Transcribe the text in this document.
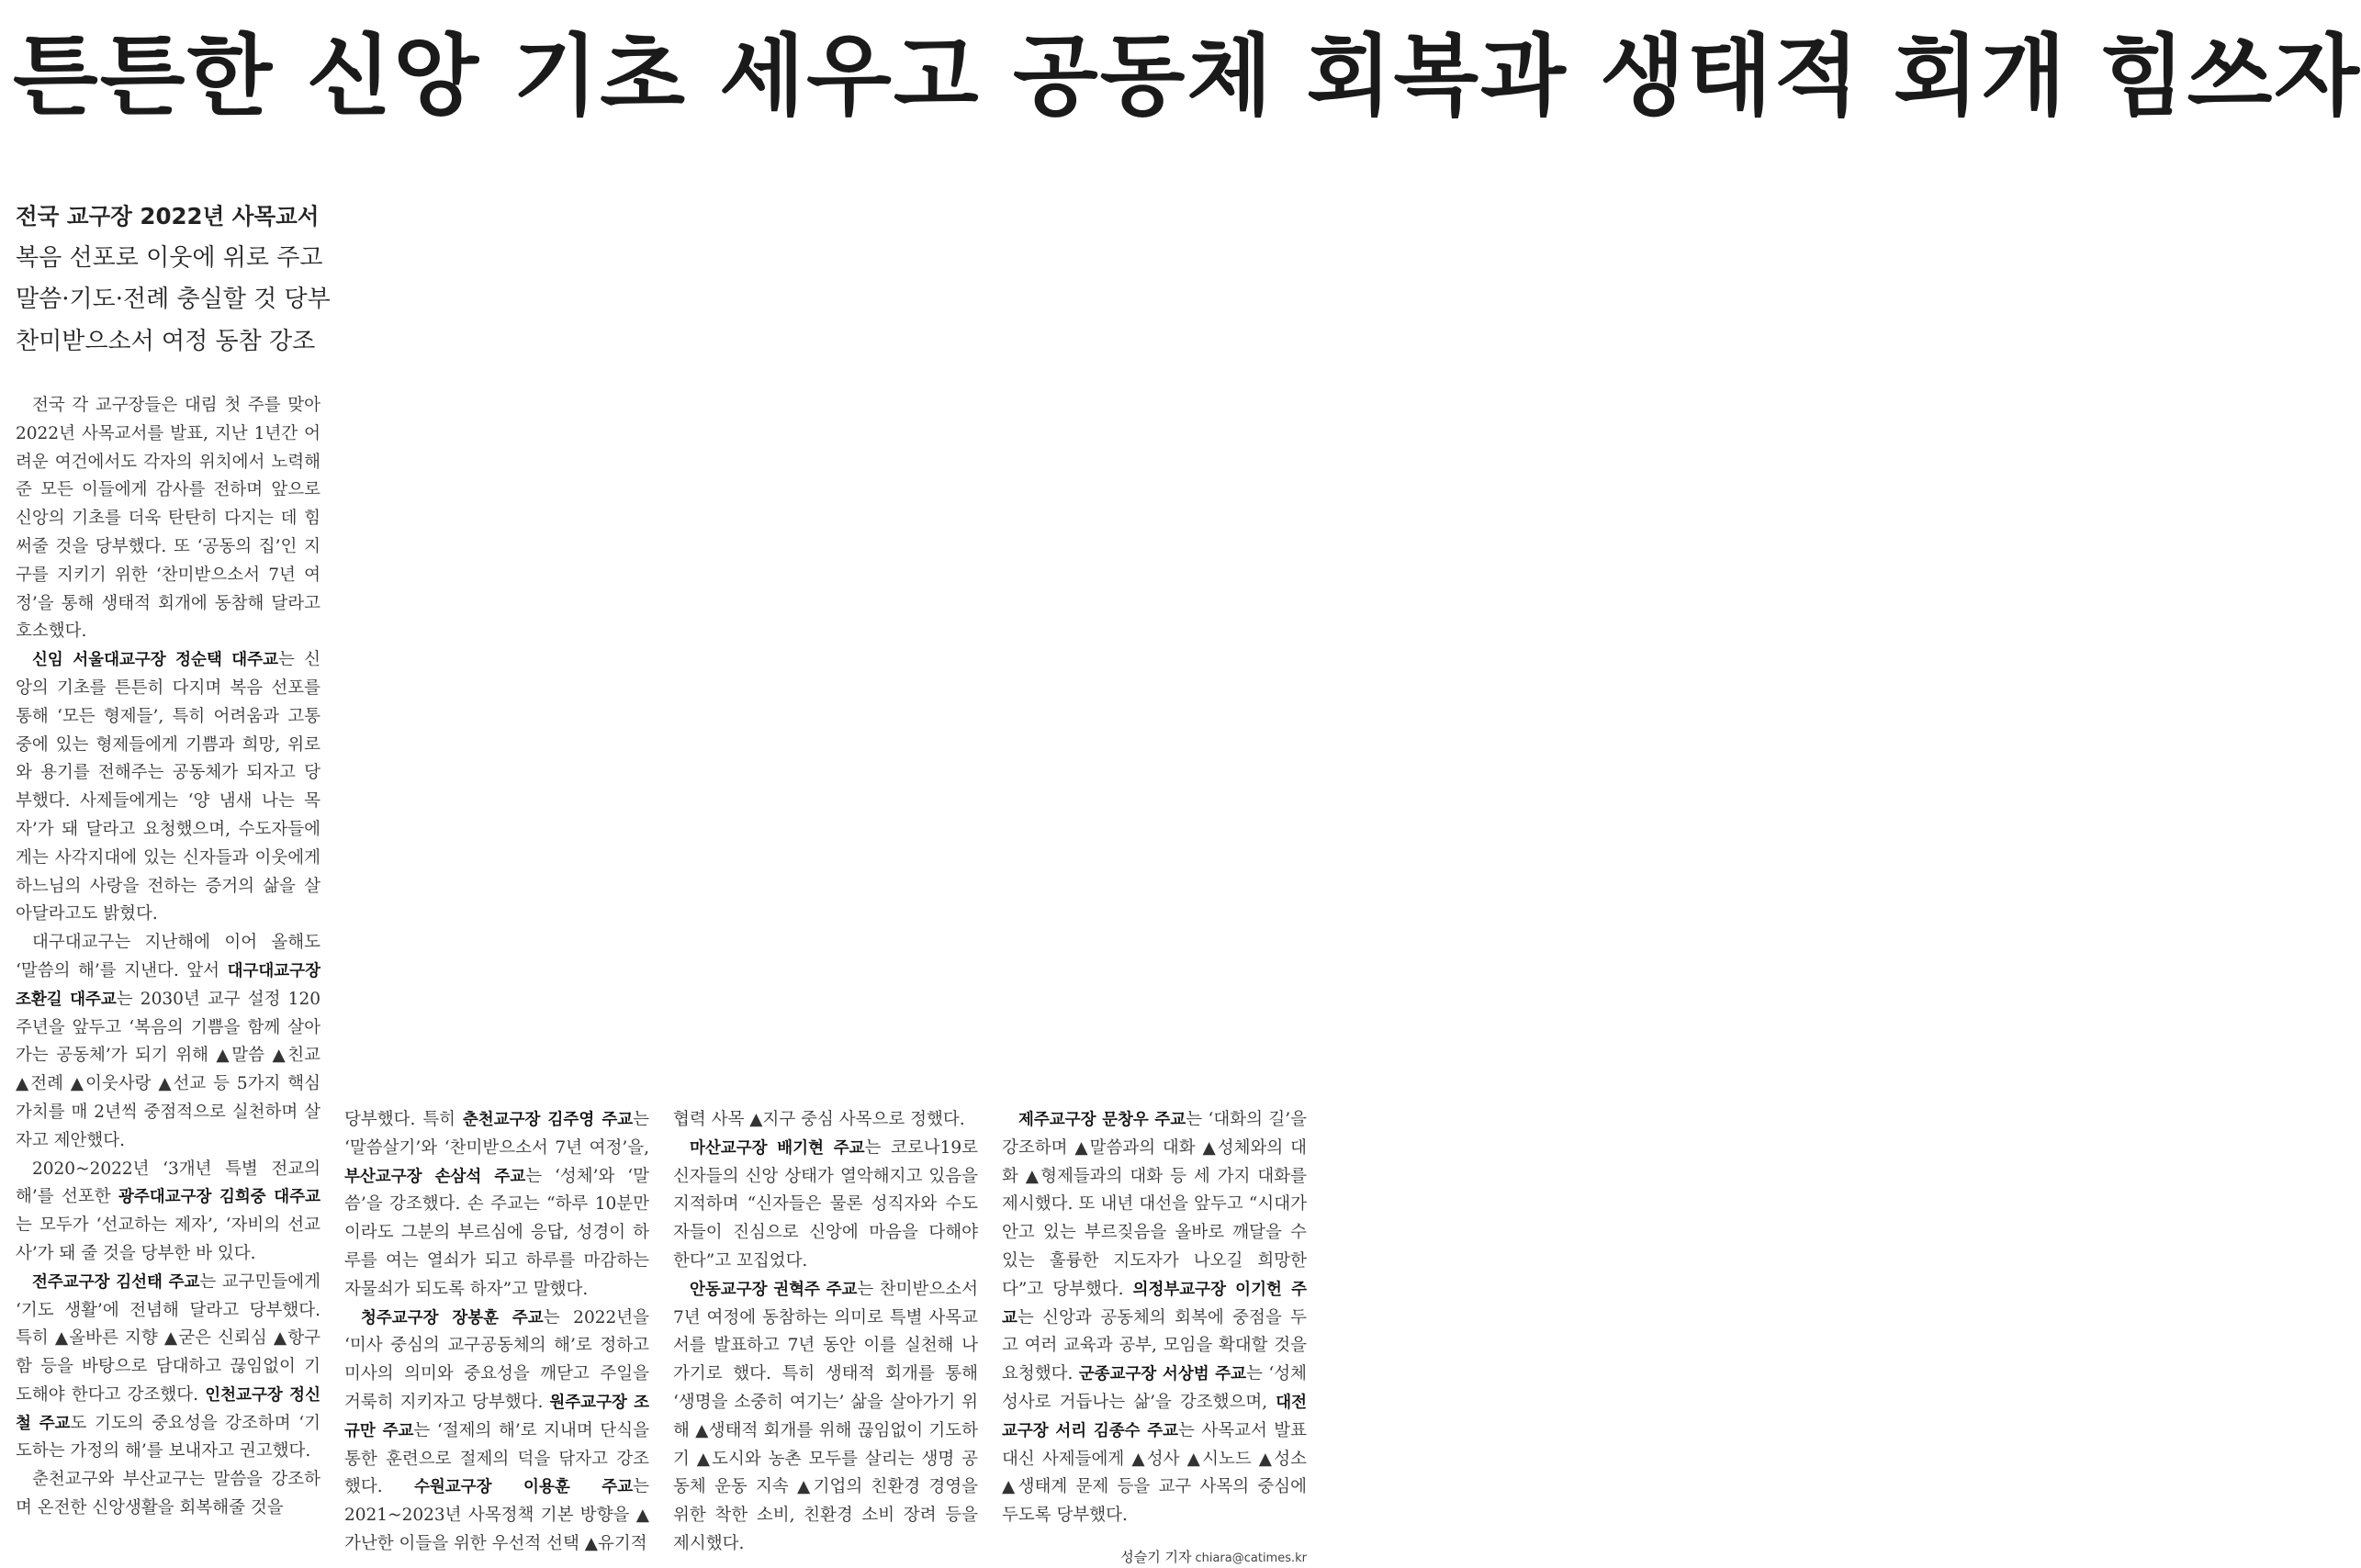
튼튼한 신앙 기초 세우고 공동체 회복과 생태적 회개 힘쓰자
전국 교구장 2022년 사목교서
복음 선포로 이웃에 위로 주고
말씀·기도·전례 충실할 것 당부
찬미받으소서 여정 동참 강조

전국 각 교구장들은 대림 첫 주를 맞아 2022년 사목교서를 발표, 지난 1년간 어려운 여건에서도 각자의 위치에서 노력해준 모든 이들에게 감사를 전하며 앞으로 신앙의 기초를 더욱 탄탄히 다지는 데 힘써줄 것을 당부했다. 또 ‘공동의 집’인 지구를 지키기 위한 ‘찬미받으소서 7년 여정’을 통해 생태적 회개에 동참해 달라고 호소했다.

신임 서울대교구장 정순택 대주교는 신앙의 기초를 튼튼히 다지며 복음 선포를 통해 ‘모든 형제들’, 특히 어려움과 고통 중에 있는 형제들에게 기쁨과 희망, 위로와 용기를 전해주는 공동체가 되자고 당부했다. 사제들에게는 ‘양 냄새 나는 목자’가 돼 달라고 요청했으며, 수도자들에게는 사각지대에 있는 신자들과 이웃에게 하느님의 사랑을 전하는 증거의 삶을 살아달라고도 밝혔다.

대구대교구는 지난해에 이어 올해도 ‘말씀의 해’를 지낸다. 앞서 대구대교구장 조환길 대주교는 2030년 교구 설정 120주년을 앞두고 ‘복음의 기쁨을 함께 살아가는 공동체’가 되기 위해 ▲말씀 ▲친교 ▲전례 ▲이웃사랑 ▲선교 등 5가지 핵심가치를 매 2년씩 중점적으로 실천하며 살자고 제안했다.

2020~2022년 ‘3개년 특별 전교의 해’를 선포한 광주대교구장 김희중 대주교는 모두가 ‘선교하는 제자’, ‘자비의 선교사’가 돼 줄 것을 당부한 바 있다.

전주교구장 김선태 주교는 교구민들에게 ‘기도 생활’에 전념해 달라고 당부했다. 특히 ▲올바른 지향 ▲굳은 신뢰심 ▲항구함 등을 바탕으로 담대하고 끊임없이 기도해야 한다고 강조했다. 인천교구장 정신철 주교도 기도의 중요성을 강조하며 ‘기도하는 가정의 해’를 보내자고 권고했다.

춘천교구와 부산교구는 말씀을 강조하며 온전한 신앙생활을 회복해줄 것을

당부했다. 특히 춘천교구장 김주영 주교는 ‘말씀살기’와 ‘찬미받으소서 7년 여정’을, 부산교구장 손삼석 주교는 ‘성체’와 ‘말씀’을 강조했다. 손 주교는 “하루 10분만이라도 그분의 부르심에 응답, 성경이 하루를 여는 열쇠가 되고 하루를 마감하는 자물쇠가 되도록 하자”고 말했다.

청주교구장 장봉훈 주교는 2022년을 ‘미사 중심의 교구공동체의 해’로 정하고 미사의 의미와 중요성을 깨닫고 주일을 거룩히 지키자고 당부했다. 원주교구장 조규만 주교는 ‘절제의 해’로 지내며 단식을 통한 훈련으로 절제의 덕을 닦자고 강조했다. 수원교구장 이용훈 주교는 2021~2023년 사목정책 기본 방향을 ▲가난한 이들을 위한 우선적 선택 ▲유기적

협력 사목 ▲지구 중심 사목으로 정했다.

마산교구장 배기현 주교는 코로나19로 신자들의 신앙 상태가 열악해지고 있음을 지적하며 “신자들은 물론 성직자와 수도자들이 진심으로 신앙에 마음을 다해야 한다”고 꼬집었다.

안동교구장 권혁주 주교는 찬미받으소서 7년 여정에 동참하는 의미로 특별 사목교서를 발표하고 7년 동안 이를 실천해 나가기로 했다. 특히 생태적 회개를 통해 ‘생명을 소중히 여기는’ 삶을 살아가기 위해 ▲생태적 회개를 위해 끊임없이 기도하기 ▲도시와 농촌 모두를 살리는 생명 공동체 운동 지속 ▲기업의 친환경 경영을 위한 착한 소비, 친환경 소비 장려 등을 제시했다.

제주교구장 문창우 주교는 ‘대화의 길’을 강조하며 ▲말씀과의 대화 ▲성체와의 대화 ▲형제들과의 대화 등 세 가지 대화를 제시했다. 또 내년 대선을 앞두고 “시대가 안고 있는 부르짖음을 올바로 깨달을 수 있는 훌륭한 지도자가 나오길 희망한다”고 당부했다. 의정부교구장 이기헌 주교는 신앙과 공동체의 회복에 중점을 두고 여러 교육과 공부, 모임을 확대할 것을 요청했다. 군종교구장 서상범 주교는 ‘성체성사로 거듭나는 삶’을 강조했으며, 대전교구장 서리 김종수 주교는 사목교서 발표 대신 사제들에게 ▲성사 ▲시노드 ▲성소 ▲생태계 문제 등을 교구 사목의 중심에 두도록 당부했다.

성슬기 기자 chiara@catimes.kr
